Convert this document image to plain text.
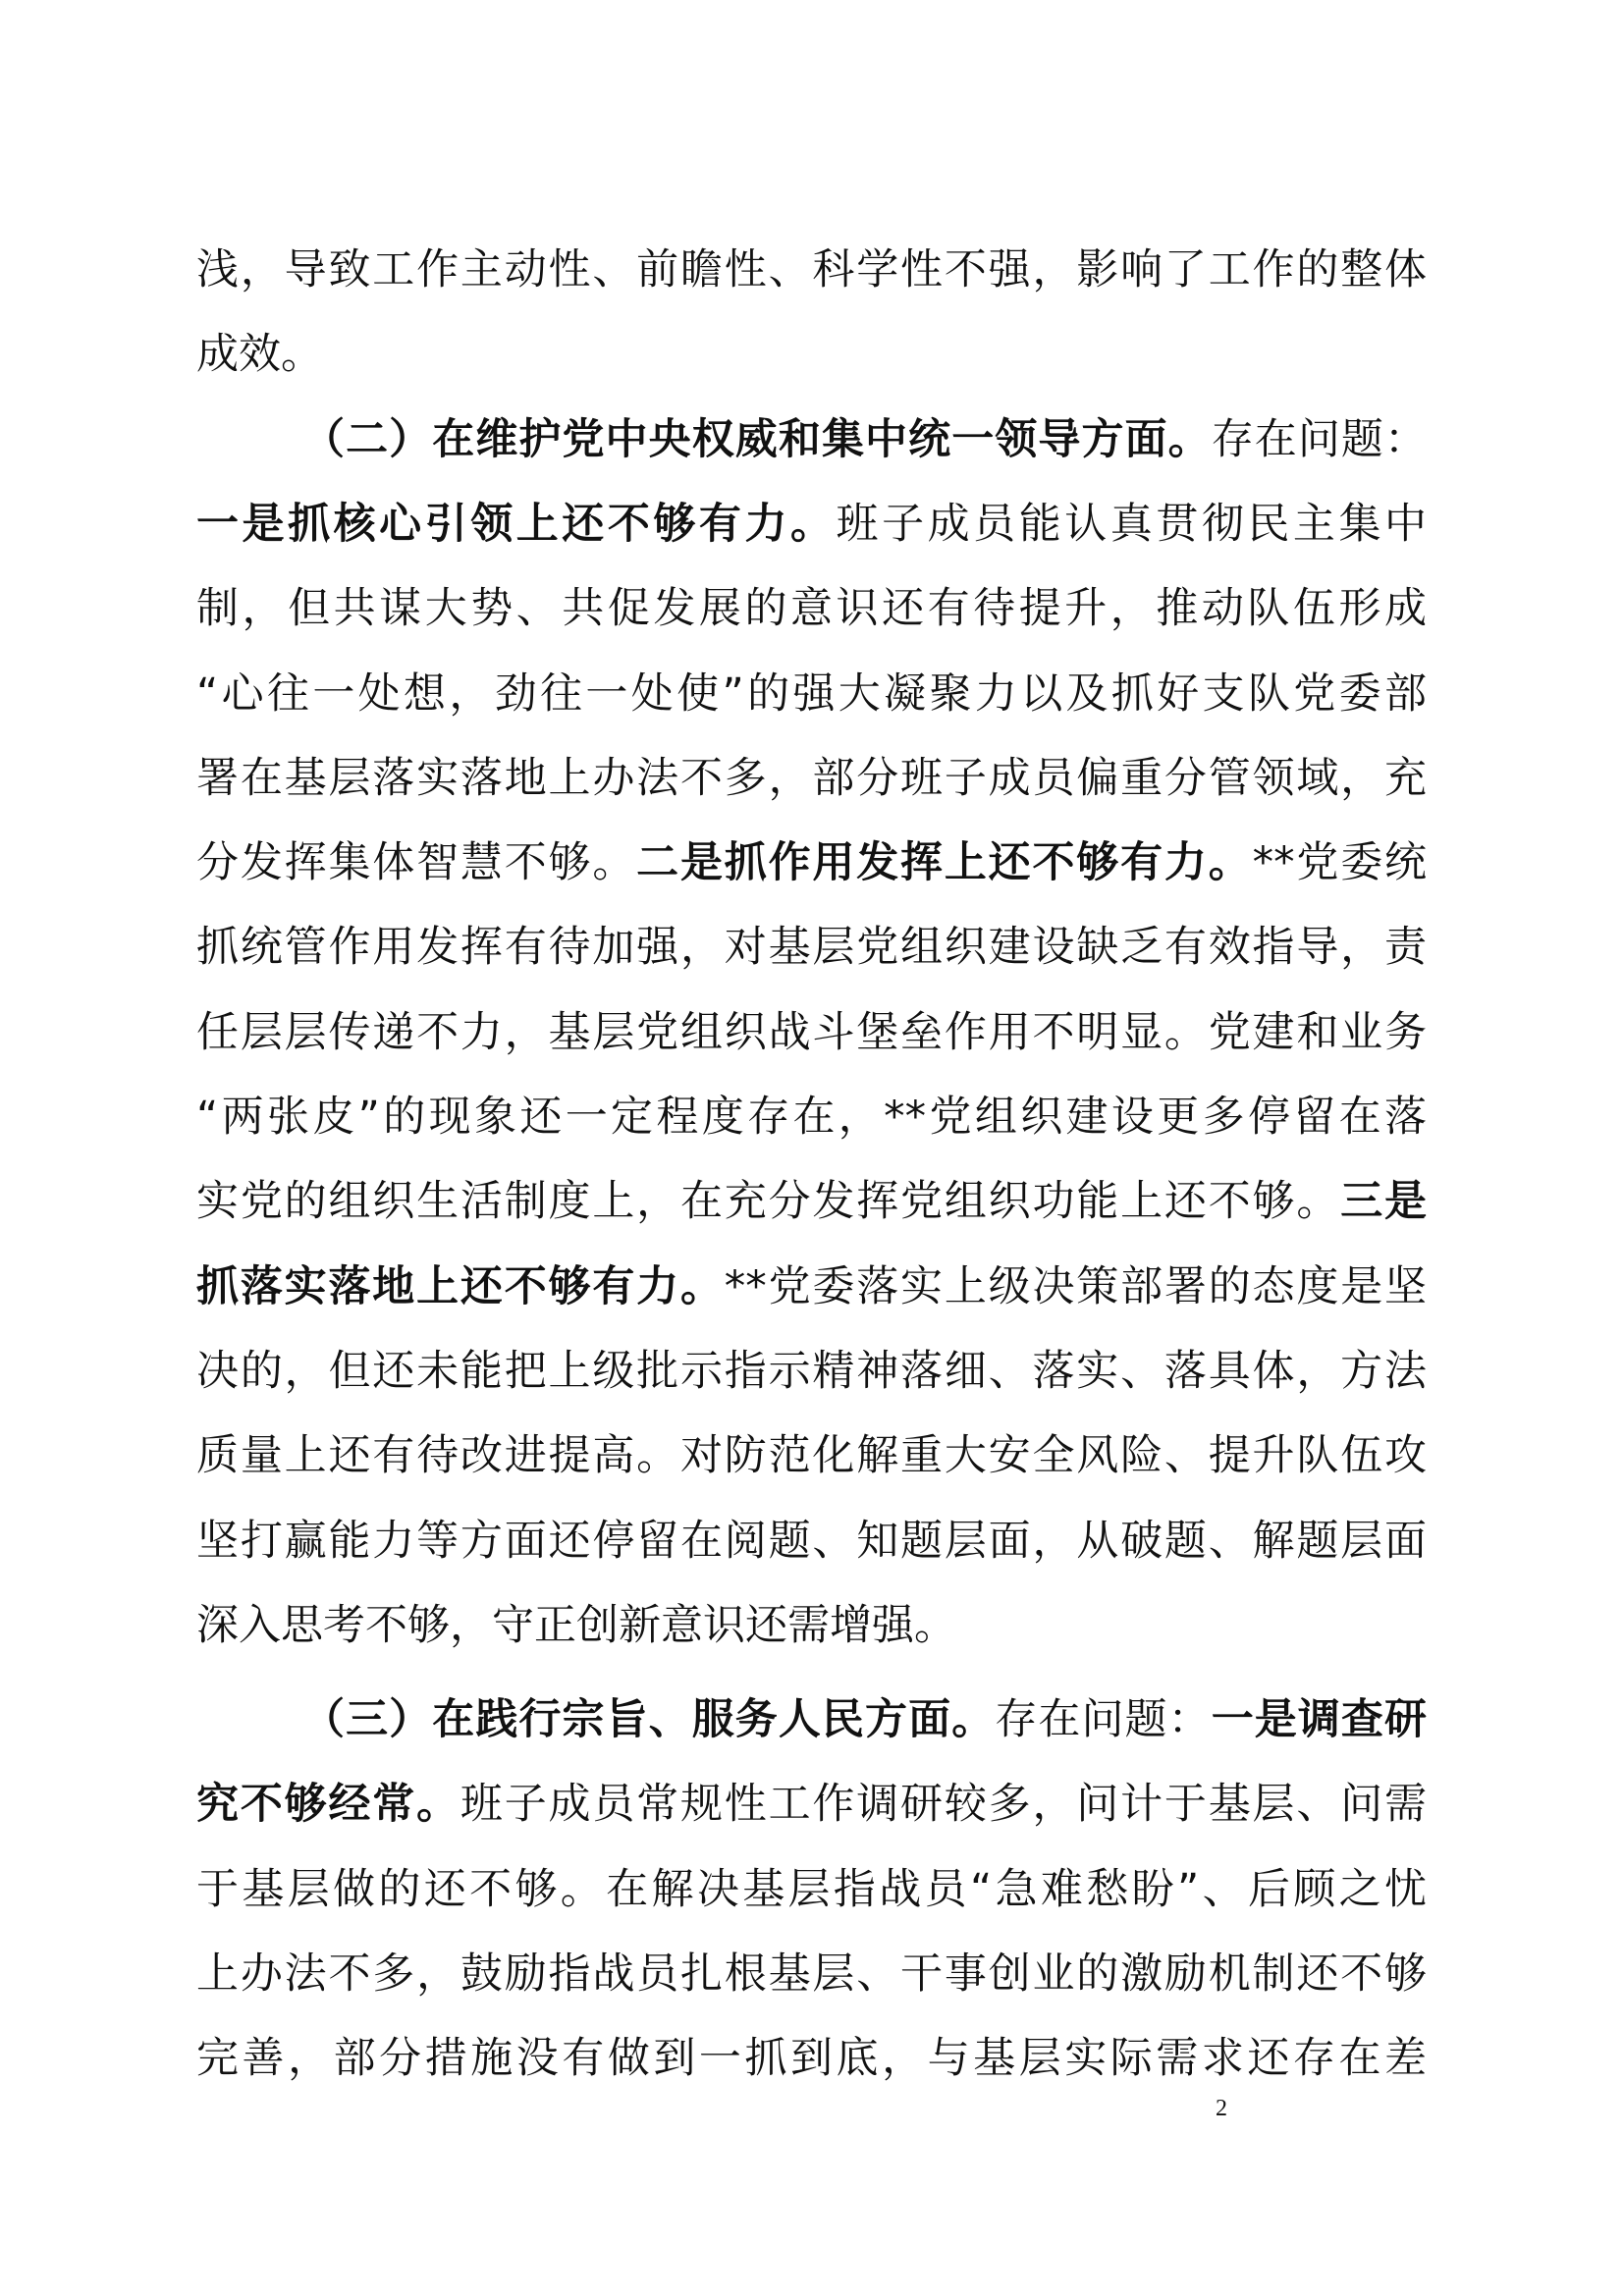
浅，导致工作主动性、前瞻性、科学性不强，影响了工作的整体
成效。
（二）在维护党中央权威和集中统一领导方面。存在问题：
一是抓核心引领上还不够有力。班子成员能认真贯彻民主集中
制，但共谋大势、共促发展的意识还有待提升，推动队伍形成
“心往一处想，劲往一处使”的强大凝聚力以及抓好支队党委部
署在基层落实落地上办法不多，部分班子成员偏重分管领域，充
分发挥集体智慧不够。二是抓作用发挥上还不够有力。**党委统
抓统管作用发挥有待加强，对基层党组织建设缺乏有效指导，责
任层层传递不力，基层党组织战斗堡垒作用不明显。党建和业务
“两张皮”的现象还一定程度存在，**党组织建设更多停留在落
实党的组织生活制度上，在充分发挥党组织功能上还不够。三是
抓落实落地上还不够有力。**党委落实上级决策部署的态度是坚
决的，但还未能把上级批示指示精神落细、落实、落具体，方法
质量上还有待改进提高。对防范化解重大安全风险、提升队伍攻
坚打赢能力等方面还停留在阅题、知题层面，从破题、解题层面
深入思考不够，守正创新意识还需增强。
（三）在践行宗旨、服务人民方面。存在问题：一是调查研
究不够经常。班子成员常规性工作调研较多，问计于基层、问需
于基层做的还不够。在解决基层指战员“急难愁盼”、后顾之忧
上办法不多，鼓励指战员扎根基层、干事创业的激励机制还不够
完善，部分措施没有做到一抓到底，与基层实际需求还存在差
2
